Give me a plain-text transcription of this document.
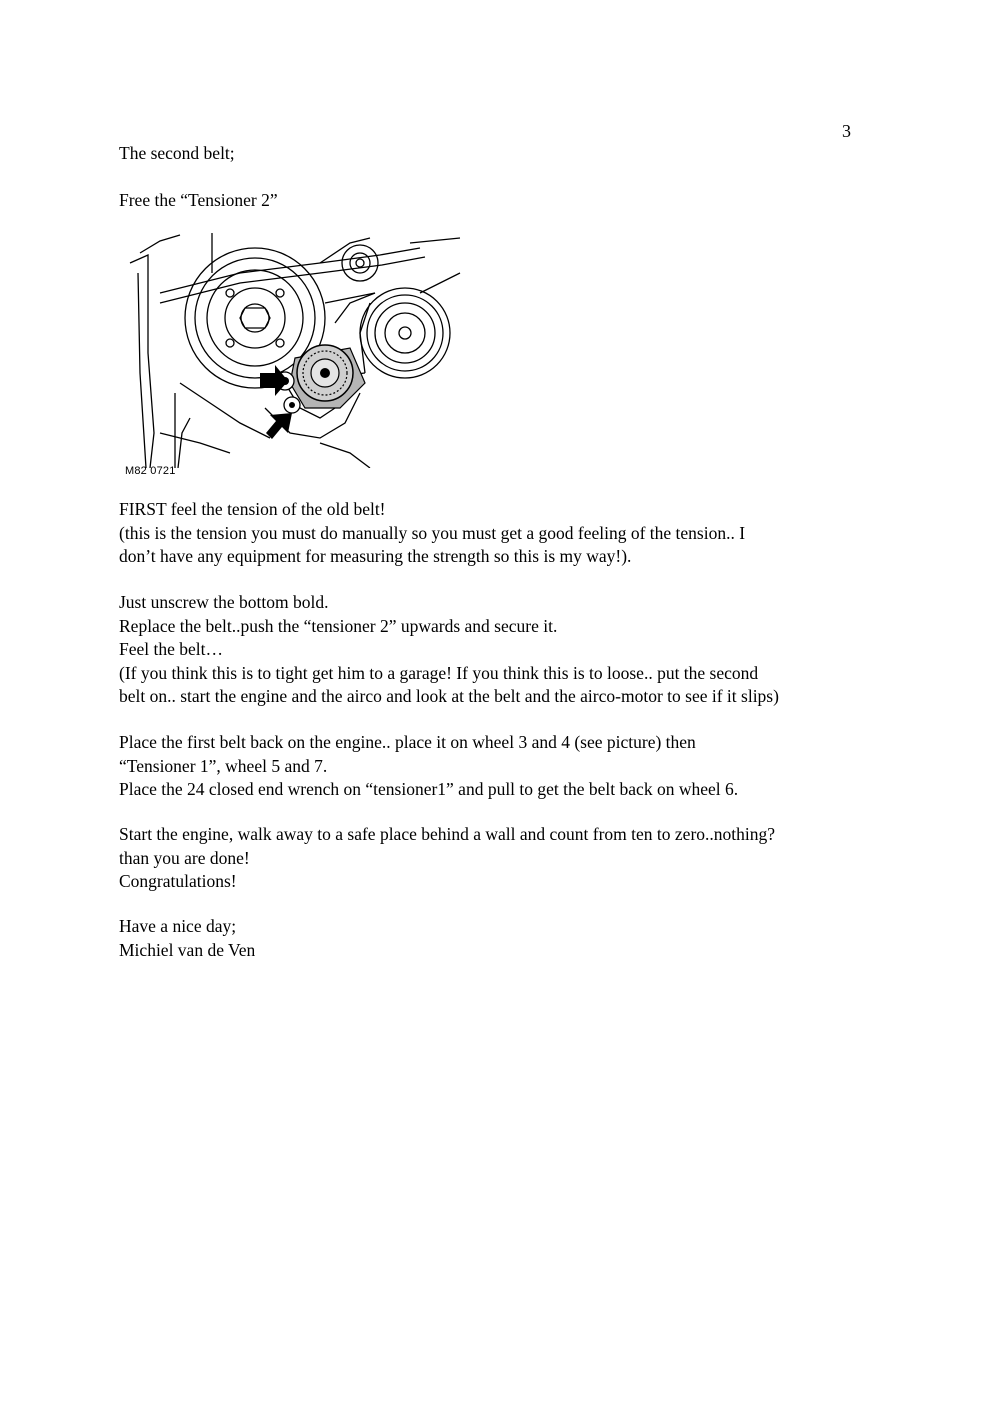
3
The second belt;
Free the “Tensioner 2”
M82 0721
FIRST feel the tension of the old belt!
(this is the tension you must do manually so you must get a good feeling of the tension.. I
don’t have any equipment for measuring the strength so this is my way!).
Just unscrew the bottom bold.
Replace the belt..push the “tensioner 2” upwards and secure it.
Feel the belt…
(If you think this is to tight get him to a garage! If you think this is to loose.. put the second
belt on.. start the engine and the airco and look at the belt and the airco-motor to see if it slips)
Place the first belt back on the engine.. place it on wheel 3 and 4 (see picture) then
“Tensioner 1”, wheel 5 and 7.
Place the 24 closed end wrench on “tensioner1” and pull to get the belt back on wheel 6.
Start the engine, walk away to a safe place behind a wall and count from ten to zero..nothing?
than you are done!
Congratulations!
Have a nice day;
Michiel van de Ven
